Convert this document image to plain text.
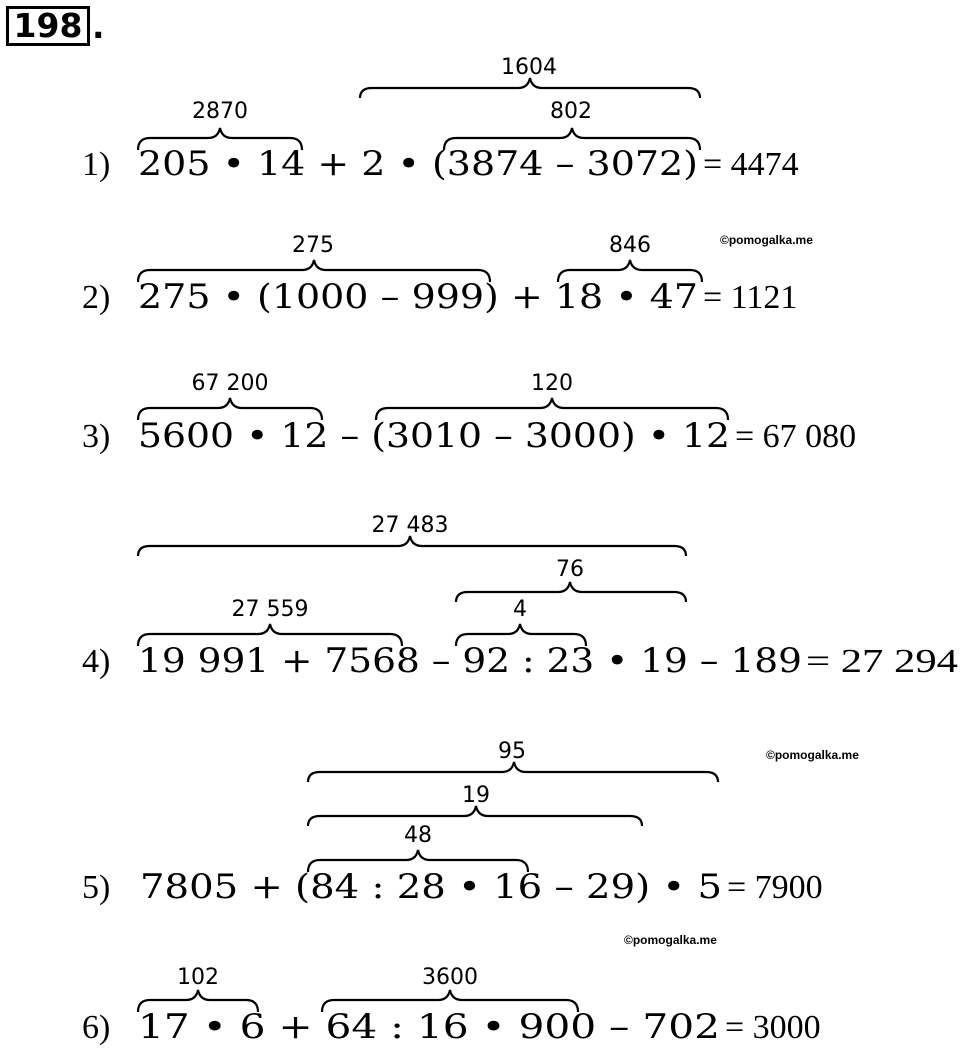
198 .
©pomogalka.me
©pomogalka.me
©pomogalka.me
1) 205 • 14 + 2 • (3874 – 3072) = 4474
1604
2870	802
2) 275 • (1000 – 999) + 18 • 47 = 1121
275	846
3) 5600 • 12 – (3010 – 3000) • 12 = 67 080
67 200	120
4) 19 991 + 7568 – 92 : 23 • 19 – 189 = 27 294
27 483
76
27 559	4
5) 7805 + (84 : 28 • 16 – 29) • 5 = 7900
95
19
48
6) 17 • 6 + 64 : 16 • 900 – 702 = 3000
102	3600
